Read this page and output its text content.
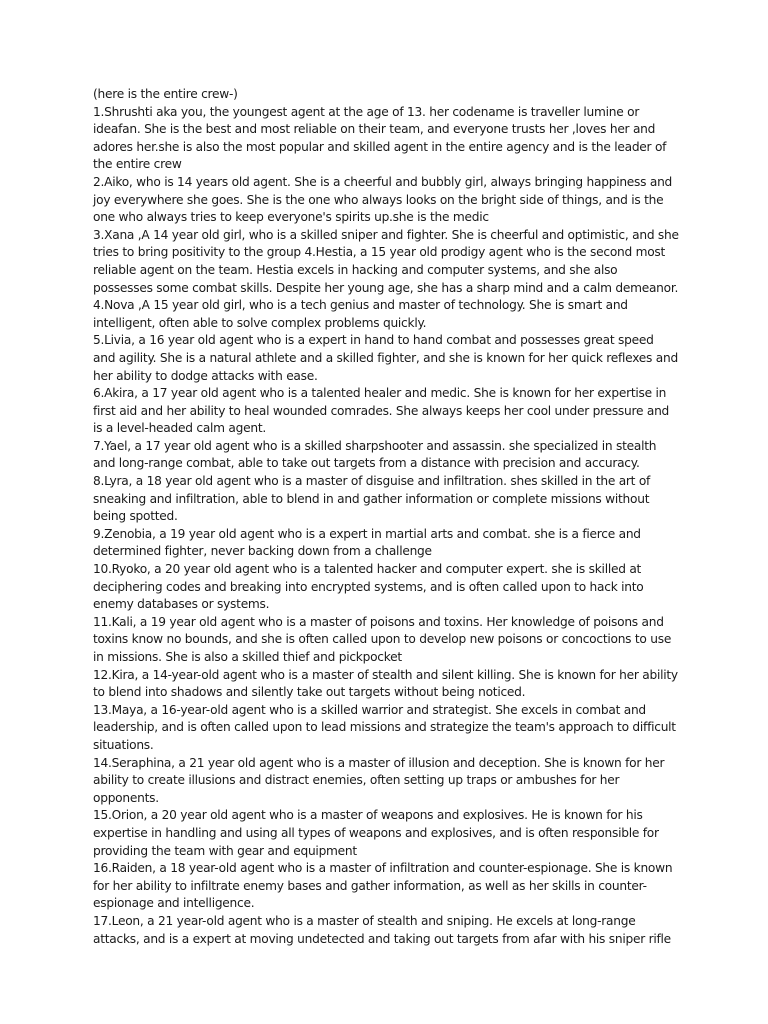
(here is the entire crew-)

1.Shrushti aka you, the youngest agent at the age of 13. her codename is traveller lumine or ideafan. She is the best and most reliable on their team, and everyone trusts her ,loves her and adores her.she is also the most popular and skilled agent in the entire agency and is the leader of the entire crew

2.Aiko, who is 14 years old agent. She is a cheerful and bubbly girl, always bringing happiness and joy everywhere she goes. She is the one who always looks on the bright side of things, and is the one who always tries to keep everyone's spirits up.she is the medic

3.Xana ,A 14 year old girl, who is a skilled sniper and fighter. She is cheerful and optimistic, and she tries to bring positivity to the group 4.Hestia, a 15 year old prodigy agent who is the second most reliable agent on the team. Hestia excels in hacking and computer systems, and she also possesses some combat skills. Despite her young age, she has a sharp mind and a calm demeanor.

4.Nova ,A 15 year old girl, who is a tech genius and master of technology. She is smart and intelligent, often able to solve complex problems quickly.

5.Livia, a 16 year old agent who is a expert in hand to hand combat and possesses great speed and agility. She is a natural athlete and a skilled fighter, and she is known for her quick reflexes and her ability to dodge attacks with ease.

6.Akira, a 17 year old agent who is a talented healer and medic. She is known for her expertise in first aid and her ability to heal wounded comrades. She always keeps her cool under pressure and is a level-headed calm agent.

7.Yael, a 17 year old agent who is a skilled sharpshooter and assassin. she specialized in stealth and long-range combat, able to take out targets from a distance with precision and accuracy.

8.Lyra, a 18 year old agent who is a master of disguise and infiltration. shes skilled in the art of sneaking and infiltration, able to blend in and gather information or complete missions without being spotted.

9.Zenobia, a 19 year old agent who is a expert in martial arts and combat. she is a fierce and determined fighter, never backing down from a challenge

10.Ryoko, a 20 year old agent who is a talented hacker and computer expert. she is skilled at deciphering codes and breaking into encrypted systems, and is often called upon to hack into enemy databases or systems.

11.Kali, a 19 year old agent who is a master of poisons and toxins. Her knowledge of poisons and toxins know no bounds, and she is often called upon to develop new poisons or concoctions to use in missions. She is also a skilled thief and pickpocket

12.Kira, a 14-year-old agent who is a master of stealth and silent killing. She is known for her ability to blend into shadows and silently take out targets without being noticed.

13.Maya, a 16-year-old agent who is a skilled warrior and strategist. She excels in combat and leadership, and is often called upon to lead missions and strategize the team's approach to difficult situations.

14.Seraphina, a 21 year old agent who is a master of illusion and deception. She is known for her ability to create illusions and distract enemies, often setting up traps or ambushes for her opponents.

15.Orion, a 20 year old agent who is a master of weapons and explosives. He is known for his expertise in handling and using all types of weapons and explosives, and is often responsible for providing the team with gear and equipment

16.Raiden, a 18 year-old agent who is a master of infiltration and counter-espionage. She is known for her ability to infiltrate enemy bases and gather information, as well as her skills in counter-espionage and intelligence.

17.Leon, a 21 year-old agent who is a master of stealth and sniping. He excels at long-range attacks, and is a expert at moving undetected and taking out targets from afar with his sniper rifle
